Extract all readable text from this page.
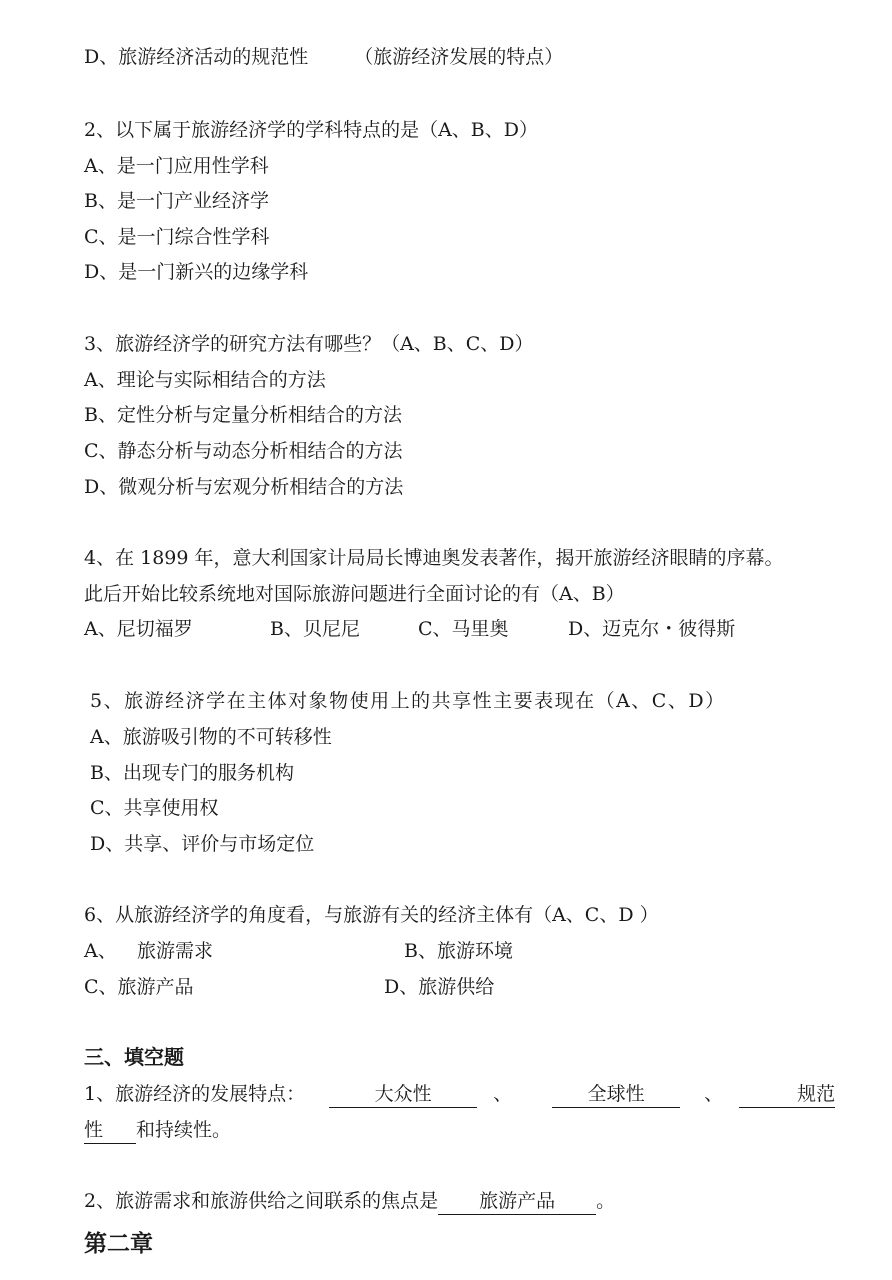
D、旅游经济活动的规范性 （旅游经济发展的特点）
2、以下属于旅游经济学的学科特点的是（A、B、D）
A、是一门应用性学科
B、是一门产业经济学
C、是一门综合性学科
D、是一门新兴的边缘学科
3、旅游经济学的研究方法有哪些？（A、B、C、D）
A、理论与实际相结合的方法
B、定性分析与定量分析相结合的方法
C、静态分析与动态分析相结合的方法
D、微观分析与宏观分析相结合的方法
4、在 1899 年，意大利国家计局局长博迪奥发表著作，揭开旅游经济眼睛的序幕。
此后开始比较系统地对国际旅游问题进行全面讨论的有（A、B）
A、尼切福罗	B、贝尼尼	C、马里奥	D、迈克尔・彼得斯
5、旅游经济学在主体对象物使用上的共享性主要表现在（A、C、D）
A、旅游吸引物的不可转移性
B、出现专门的服务机构
C、共享使用权
D、共享、评价与市场定位
6、从旅游经济学的角度看，与旅游有关的经济主体有（A、C、D ）
A、 旅游需求	B、旅游环境
C、旅游产品	D、旅游供给
三、填空题
1、旅游经济的发展特点：	大众性	、	全球性	、	规范
性 和持续性。
2、旅游需求和旅游供给之间联系的焦点是 旅游产品 。
第二章
